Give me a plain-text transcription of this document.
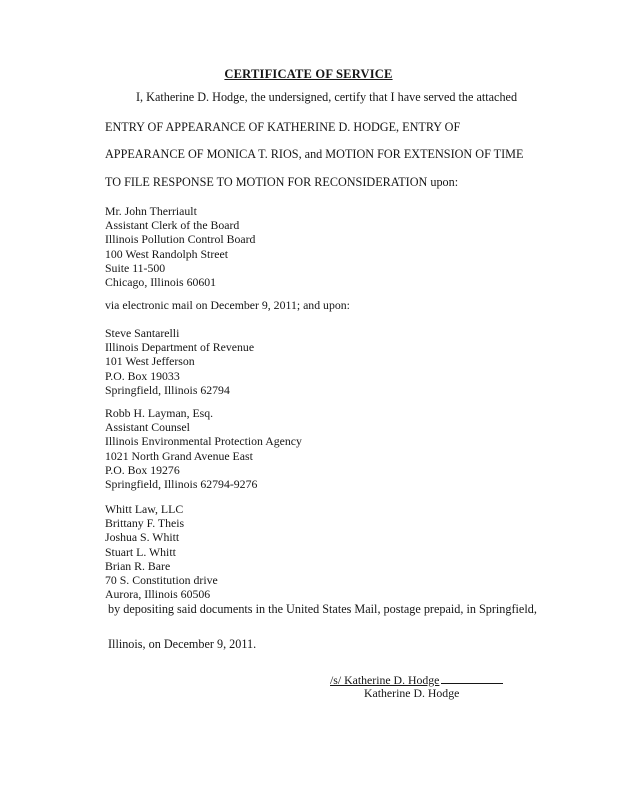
CERTIFICATE OF SERVICE
I, Katherine D. Hodge, the undersigned, certify that I have served the attached
ENTRY OF APPEARANCE OF KATHERINE D. HODGE, ENTRY OF
APPEARANCE OF MONICA T. RIOS, and MOTION FOR EXTENSION OF TIME
TO FILE RESPONSE TO MOTION FOR RECONSIDERATION upon:
Mr. John Therriault
Assistant Clerk of the Board
Illinois Pollution Control Board
100 West Randolph Street
Suite 11-500
Chicago, Illinois 60601
via electronic mail on December 9, 2011; and upon:
Steve Santarelli
Illinois Department of Revenue
101 West Jefferson
P.O. Box 19033
Springfield, Illinois 62794
Robb H. Layman, Esq.
Assistant Counsel
Illinois Environmental Protection Agency
1021 North Grand Avenue East
P.O. Box 19276
Springfield, Illinois 62794-9276
Whitt Law, LLC
Brittany F. Theis
Joshua S. Whitt
Stuart L. Whitt
Brian R. Bare
70 S. Constitution drive
Aurora, Illinois 60506
by depositing said documents in the United States Mail, postage prepaid, in Springfield,
Illinois, on December 9, 2011.
/s/ Katherine D. Hodge
Katherine D. Hodge
